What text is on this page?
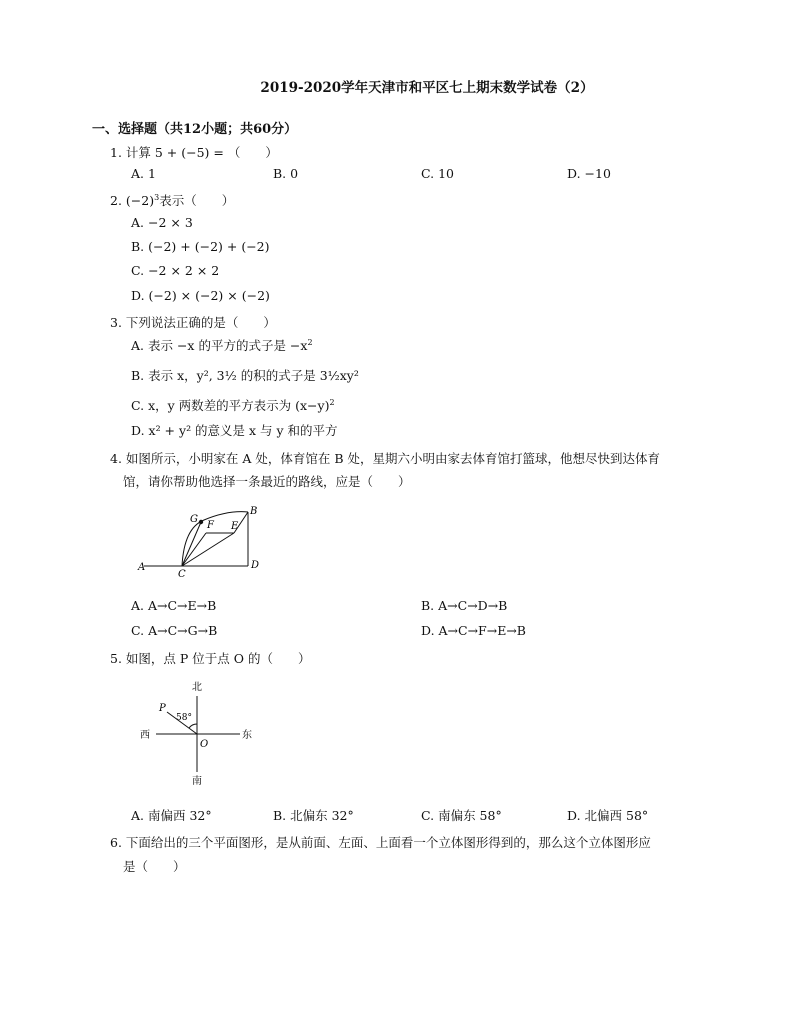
2019-2020学年天津市和平区七上期末数学试卷（2）
一、选择题（共12小题；共60分）
1. 计算 5 + (−5) = （　　）
A. 1	B. 0	C. 10	D. −10
2. $(-2)^3$表示（　　）
A. −2 × 3
B. (−2) + (−2) + (−2)
C. −2 × 2 × 2
D. (−2) × (−2) × (−2)
3. 下列说法正确的是（　　）
A. 表示 −x 的平方的式子是 $-x^2$
B. 表示 x，y², 3½ 的积的式子是 3½xy²
C. x，y 两数差的平方表示为 $(x-y)^2$
D. x² + y² 的意义是 x 与 y 和的平方
4. 如图所示，小明家在 A 处，体育馆在 B 处，星期六小明由家去体育馆打篮球，他想尽快到达体育
馆，请你帮助他选择一条最近的路线，应是（　　）
A
B
C
D
E
F
G
A. A→C→E→B	B. A→C→D→B
C. A→C→G→B	D. A→C→F→E→B
5. 如图，点 P 位于点 O 的（　　）
北
南
东
西
P
O
58°
A. 南偏西 32°	B. 北偏东 32°	C. 南偏东 58°	D. 北偏西 58°
6. 下面给出的三个平面图形，是从前面、左面、上面看一个立体图形得到的，那么这个立体图形应
是（　　）
